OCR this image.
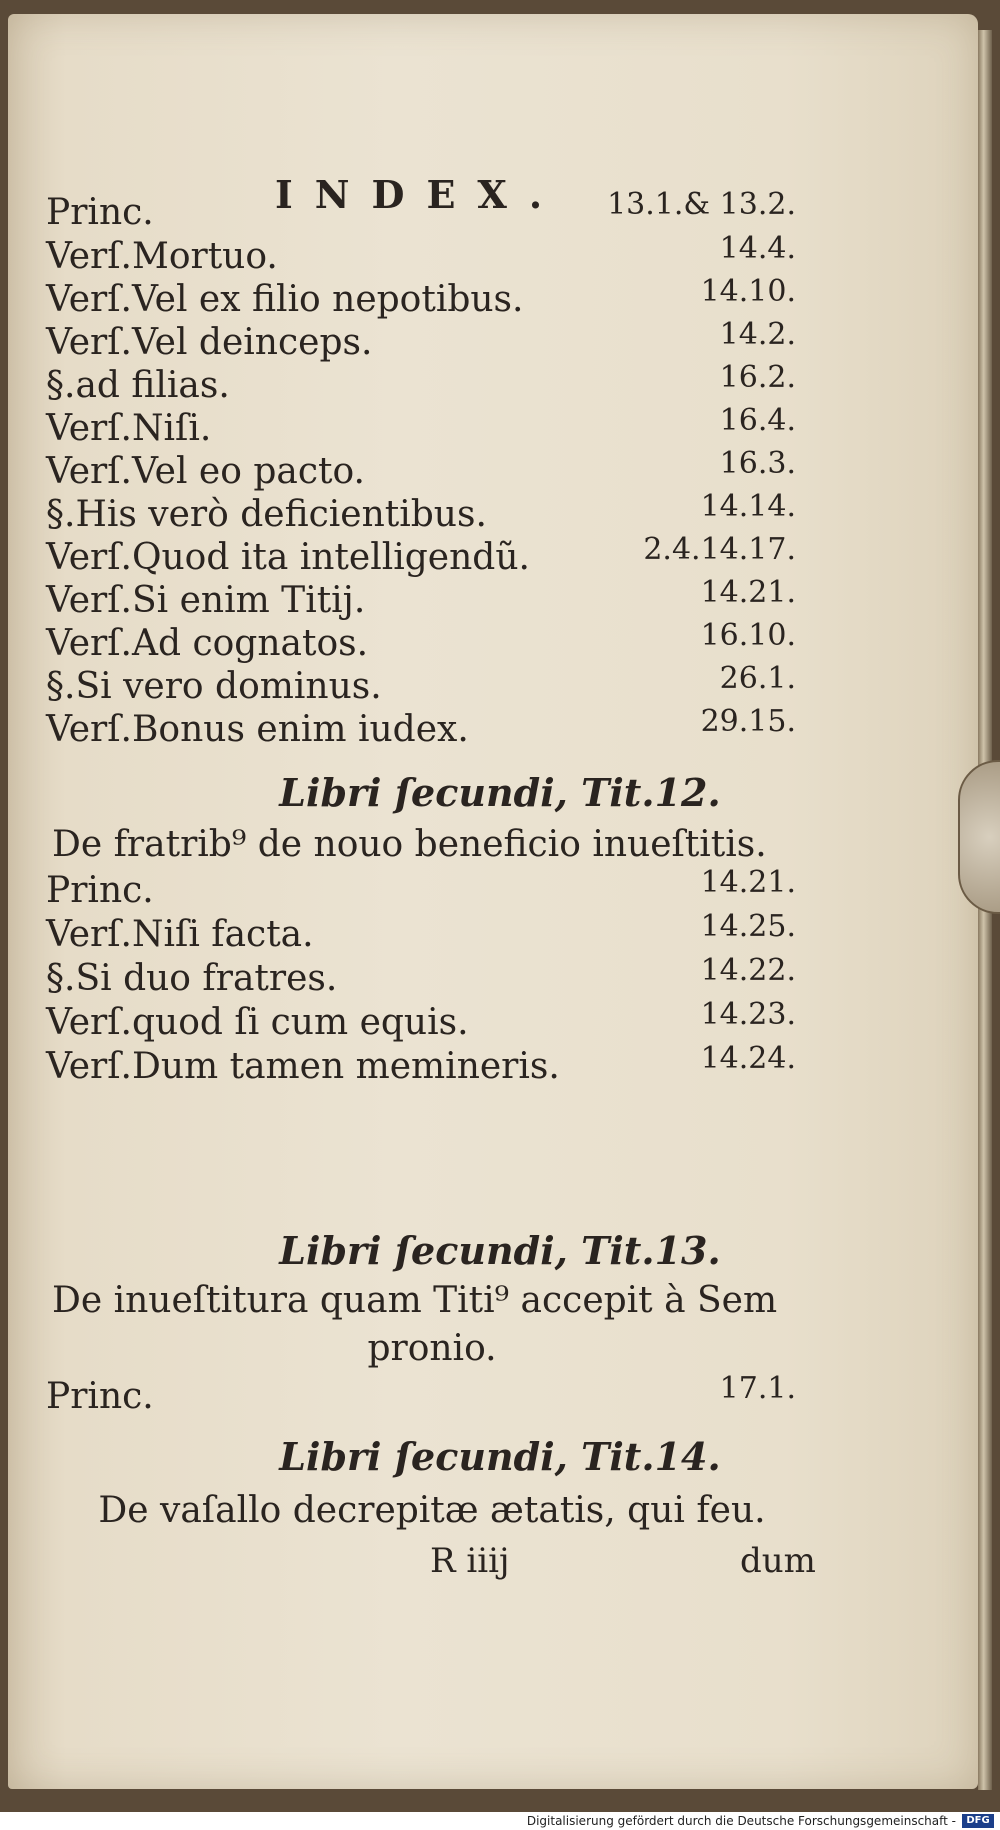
INDEX.
Princ.	13.1.& 13.2.
Verſ.Mortuo.	14.4.
Verſ.Vel ex filio nepotibus.	14.10.
Verſ.Vel deinceps.	14.2.
§.ad filias.	16.2.
Verſ.Niſi.	16.4.
Verſ.Vel eo pacto.	16.3.
§.His verò deficientibus.	14.14.
Verſ.Quod ita intelligendũ.	2.4.14.17.
Verſ.Si enim Titij.	14.21.
Verſ.Ad cognatos.	16.10.
§.Si vero dominus.	26.1.
Verſ.Bonus enim iudex.	29.15.
Libri ſecundi, Tit.12.
De fratrib⁹ de nouo beneficio inueſtitis.
Princ.	14.21.
Verſ.Niſi facta.	14.25.
§.Si duo fratres.	14.22.
Verſ.quod ſi cum equis.	14.23.
Verſ.Dum tamen memineris.	14.24.
Libri ſecundi, Tit.13.
De inueſtitura quam Titi⁹ accepit à Sem
pronio.
Princ.	17.1.
Libri ſecundi, Tit.14.
De vaſallo decrepitæ ætatis, qui feu.
R iiij	dum
Digitalisierung gefördert durch die Deutsche Forschungsgemeinschaft -	DFG
